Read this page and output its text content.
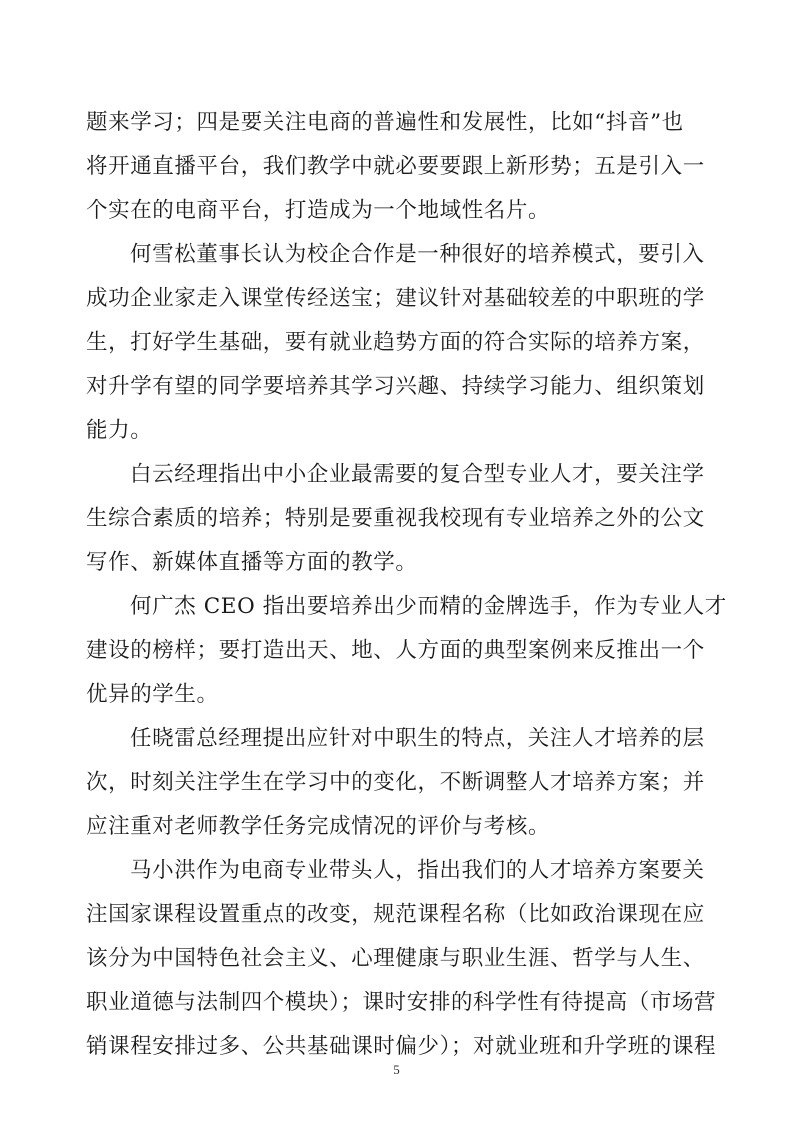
题来学习；四是要关注电商的普遍性和发展性，比如“抖音”也
将开通直播平台，我们教学中就必要要跟上新形势；五是引入一
个实在的电商平台，打造成为一个地域性名片。
何雪松董事长认为校企合作是一种很好的培养模式，要引入
成功企业家走入课堂传经送宝；建议针对基础较差的中职班的学
生，打好学生基础，要有就业趋势方面的符合实际的培养方案，
对升学有望的同学要培养其学习兴趣、持续学习能力、组织策划
能力。
白云经理指出中小企业最需要的复合型专业人才，要关注学
生综合素质的培养；特别是要重视我校现有专业培养之外的公文
写作、新媒体直播等方面的教学。
何广杰 CEO 指出要培养出少而精的金牌选手，作为专业人才
建设的榜样；要打造出天、地、人方面的典型案例来反推出一个
优异的学生。
任晓雷总经理提出应针对中职生的特点，关注人才培养的层
次，时刻关注学生在学习中的变化，不断调整人才培养方案；并
应注重对老师教学任务完成情况的评价与考核。
马小洪作为电商专业带头人，指出我们的人才培养方案要关
注国家课程设置重点的改变，规范课程名称（比如政治课现在应
该分为中国特色社会主义、心理健康与职业生涯、哲学与人生、
职业道德与法制四个模块）；课时安排的科学性有待提高（市场营
销课程安排过多、公共基础课时偏少）；对就业班和升学班的课程
5
